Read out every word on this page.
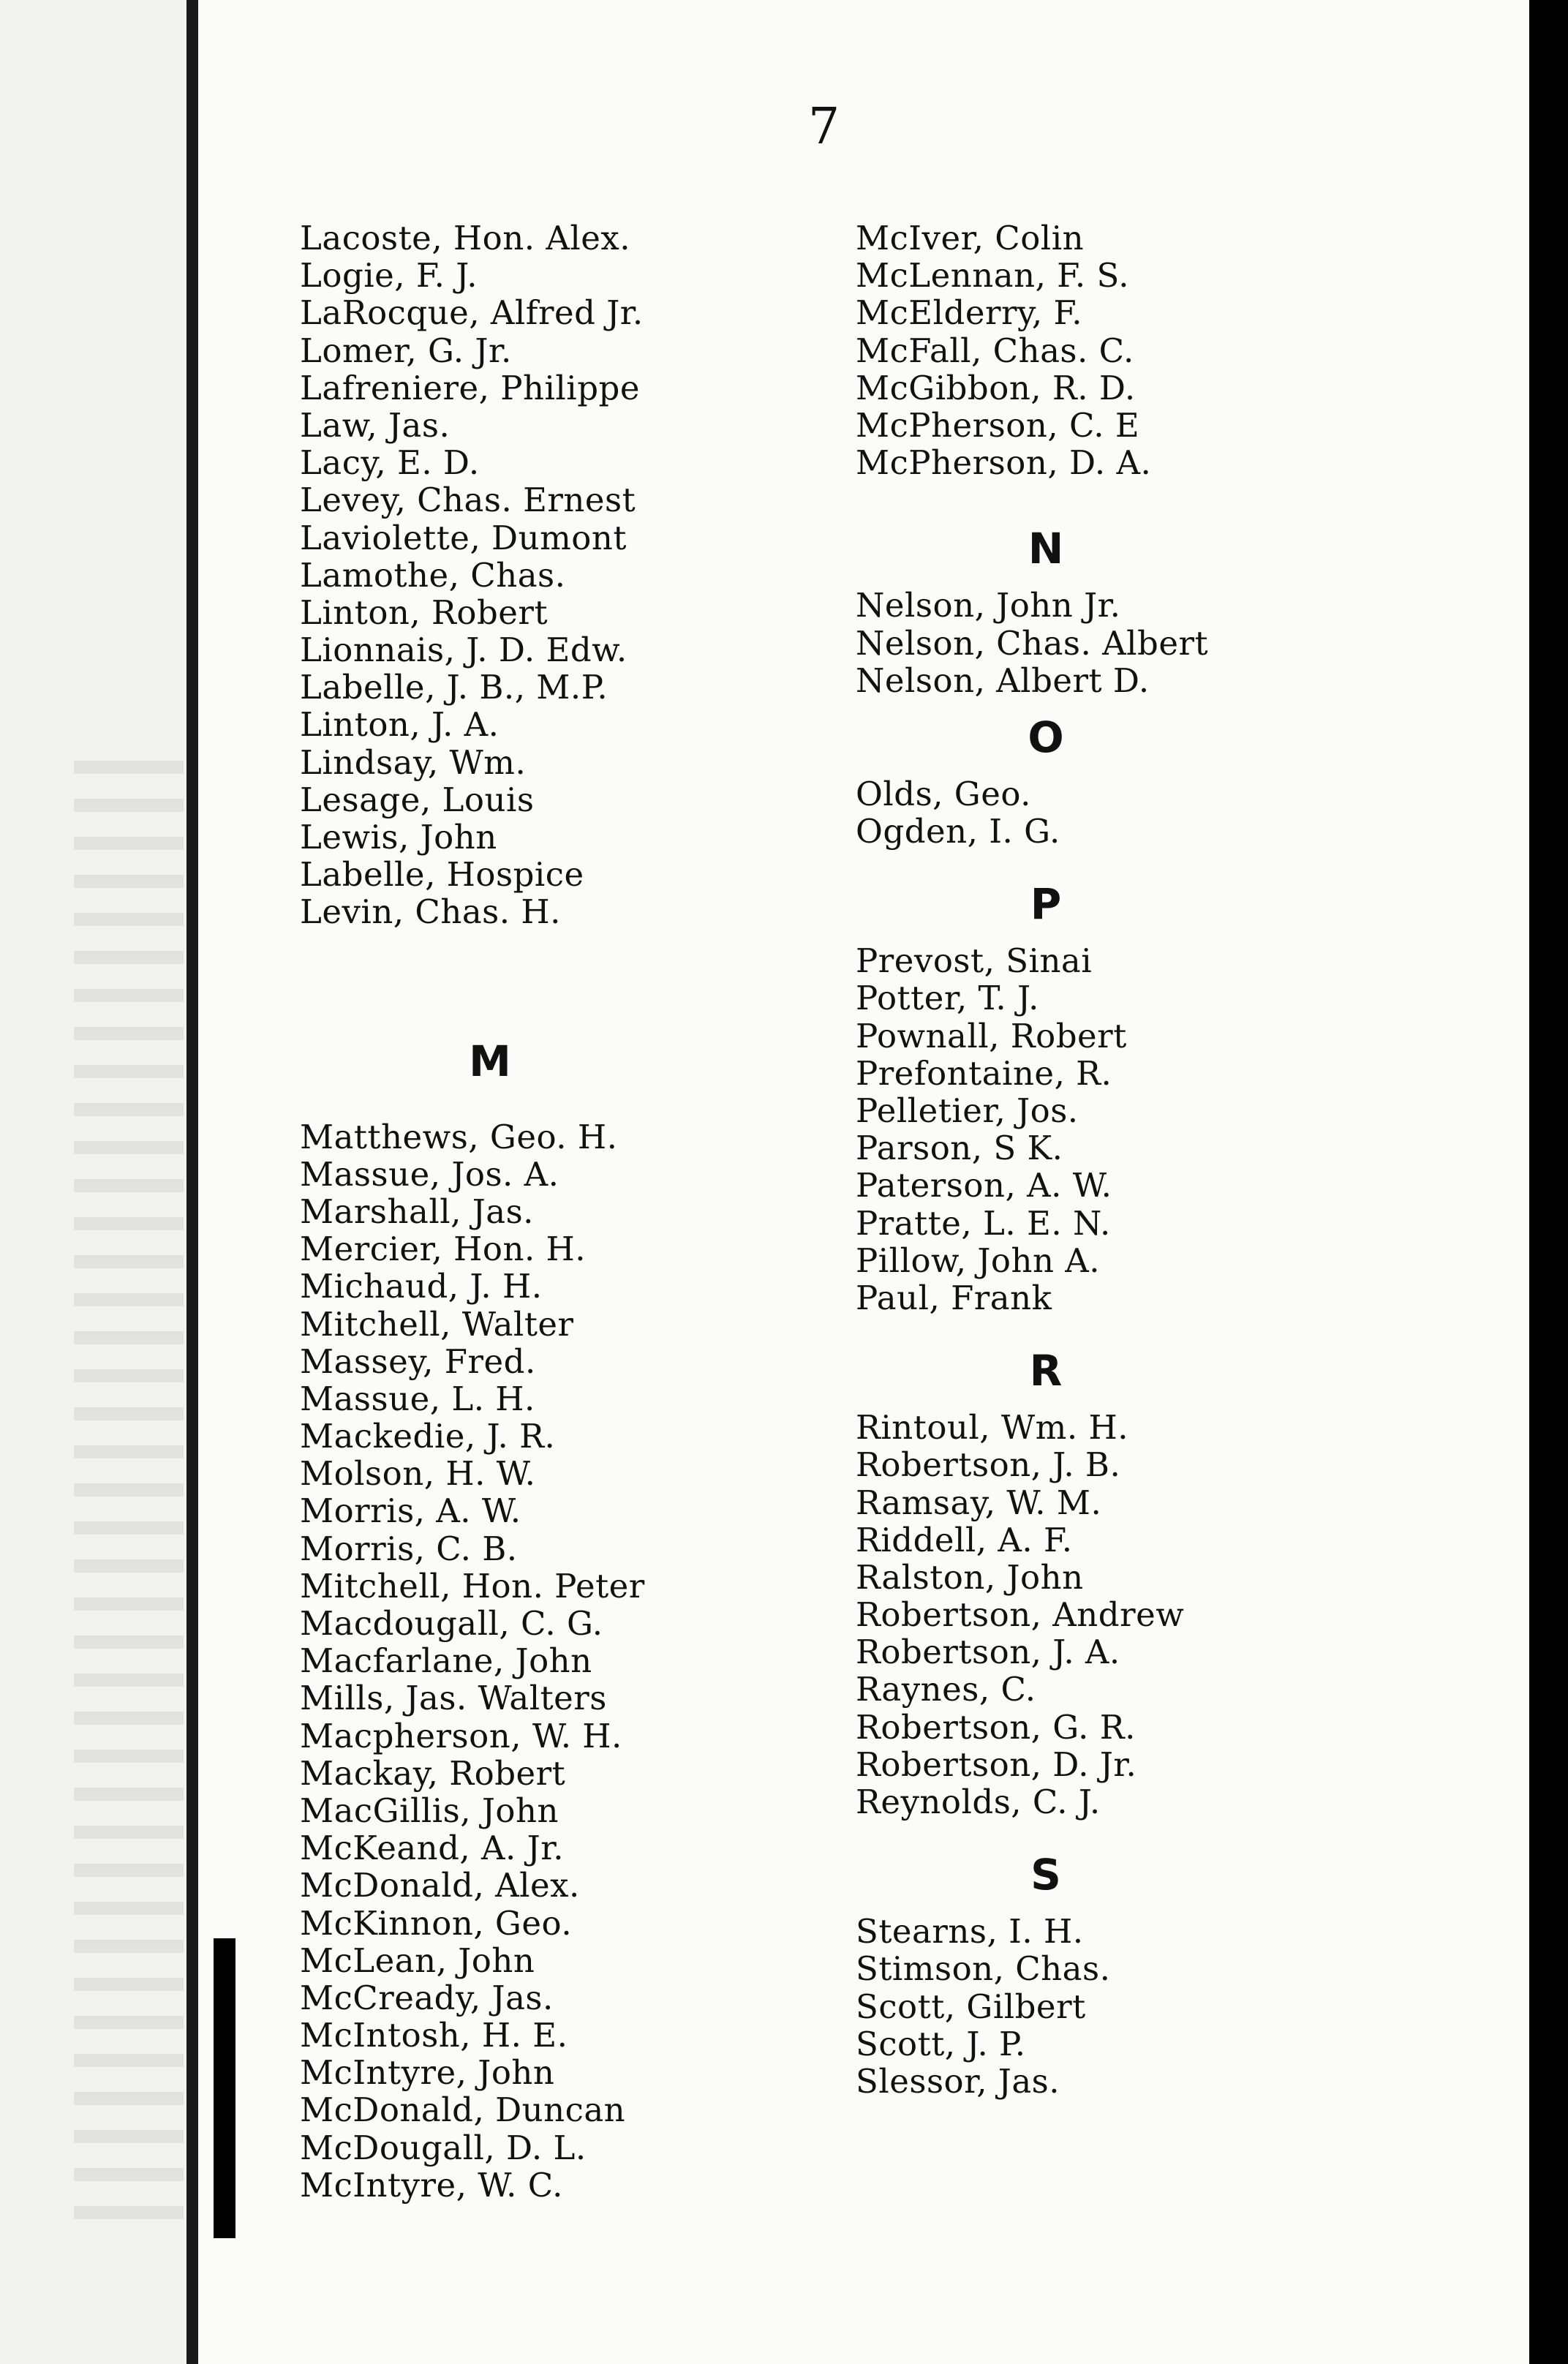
7
Lacoste, Hon. Alex.
Logie, F. J.
LaRocque, Alfred Jr.
Lomer, G. Jr.
Lafreniere, Philippe
Law, Jas.
Lacy, E. D.
Levey, Chas. Ernest
Laviolette, Dumont
Lamothe, Chas.
Linton, Robert
Lionnais, J. D. Edw.
Labelle, J. B., M.P.
Linton, J. A.
Lindsay, Wm.
Lesage, Louis
Lewis, John
Labelle, Hospice
Levin, Chas. H.
M
Matthews, Geo. H.
Massue, Jos. A.
Marshall, Jas.
Mercier, Hon. H.
Michaud, J. H.
Mitchell, Walter
Massey, Fred.
Massue, L. H.
Mackedie, J. R.
Molson, H. W.
Morris, A. W.
Morris, C. B.
Mitchell, Hon. Peter
Macdougall, C. G.
Macfarlane, John
Mills, Jas. Walters
Macpherson, W. H.
Mackay, Robert
MacGillis, John
McKeand, A. Jr.
McDonald, Alex.
McKinnon, Geo.
McLean, John
McCready, Jas.
McIntosh, H. E.
McIntyre, John
McDonald, Duncan
McDougall, D. L.
McIntyre, W. C.
McIver, Colin
McLennan, F. S.
McElderry, F.
McFall, Chas. C.
McGibbon, R. D.
McPherson, C. E
McPherson, D. A.
N
Nelson, John Jr.
Nelson, Chas. Albert
Nelson, Albert D.
O
Olds, Geo.
Ogden, I. G.
P
Prevost, Sinai
Potter, T. J.
Pownall, Robert
Prefontaine, R.
Pelletier, Jos.
Parson, S K.
Paterson, A. W.
Pratte, L. E. N.
Pillow, John A.
Paul, Frank
R
Rintoul, Wm. H.
Robertson, J. B.
Ramsay, W. M.
Riddell, A. F.
Ralston, John
Robertson, Andrew
Robertson, J. A.
Raynes, C.
Robertson, G. R.
Robertson, D. Jr.
Reynolds, C. J.
S
Stearns, I. H.
Stimson, Chas.
Scott, Gilbert
Scott, J. P.
Slessor, Jas.
